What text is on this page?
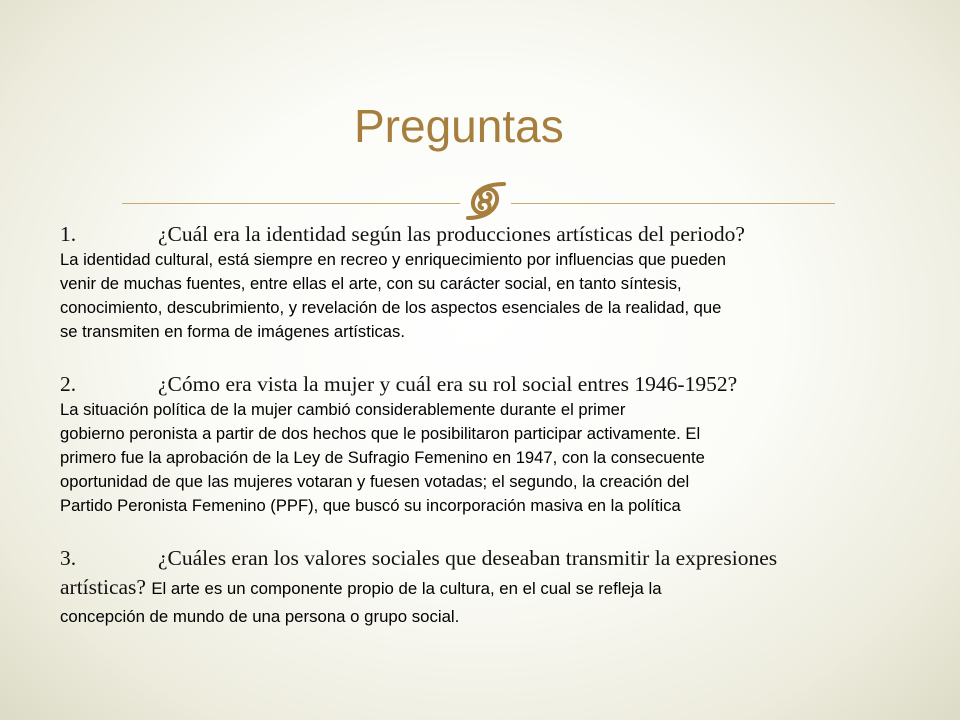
Preguntas

1.	¿Cuál era la identidad según las producciones artísticas del periodo?

La identidad cultural, está siempre en recreo y enriquecimiento por influencias que pueden

venir de muchas fuentes, entre ellas el arte, con su carácter social, en tanto síntesis,

conocimiento, descubrimiento, y revelación de los aspectos esenciales de la realidad, que

se transmiten en forma de imágenes artísticas.

2.	¿Cómo era vista la mujer y cuál era su rol social entres 1946-1952?

La situación política de la mujer cambió considerablemente durante el primer

gobierno peronista a partir de dos hechos que le posibilitaron participar activamente. El

primero fue la aprobación de la Ley de Sufragio Femenino en 1947, con la consecuente

oportunidad de que las mujeres votaran y fuesen votadas; el segundo, la creación del

Partido Peronista Femenino (PPF), que buscó su incorporación masiva en la política

3.	¿Cuáles eran los valores sociales que deseaban transmitir la expresiones

artísticas? El arte es un componente propio de la cultura, en el cual se refleja la

concepción de mundo de una persona o grupo social.
